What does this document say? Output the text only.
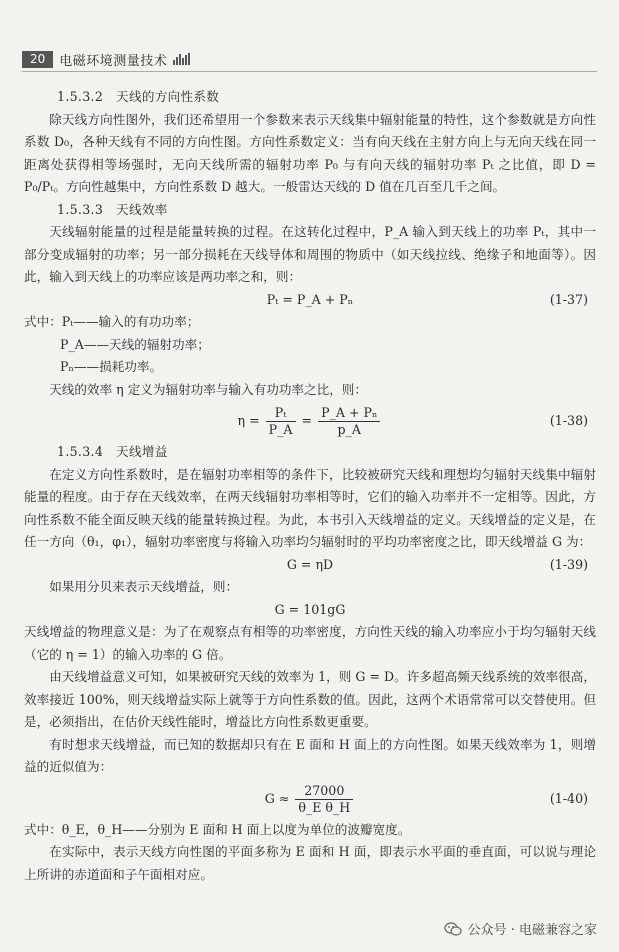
20	电磁环境测量技术

1.5.3.2　天线的方向性系数

除天线方向性图外，我们还希望用一个参数来表示天线集中辐射能量的特性，这个参数就是方向性系数 D₀，各种天线有不同的方向性图。方向性系数定义：当有向天线在主射方向上与无向天线在同一距离处获得相等场强时，无向天线所需的辐射功率 P₀ 与有向天线的辐射功率 Pₜ 之比值，即 D = P₀/Pₜ。方向性越集中，方向性系数 D 越大。一般雷达天线的 D 值在几百至几千之间。

1.5.3.3　天线效率

天线辐射能量的过程是能量转换的过程。在这转化过程中，P_A 输入到天线上的功率 Pₜ，其中一部分变成辐射的功率；另一部分损耗在天线导体和周围的物质中（如天线拉线、绝缘子和地面等）。因此，输入到天线上的功率应该是两功率之和，则：

Pₜ = P_A + Pₙ	(1-37)

式中：Pₜ——输入的有功功率；

P_A——天线的辐射功率；

Pₙ——损耗功率。

天线的效率 η 定义为辐射功率与输入有功功率之比，则：

$\eta = \frac{\text{Pₜ}}{P\_A} = \frac{\text{P\_A + Pₙ}}{p\_A}$	(1-38)

1.5.3.4　天线增益

在定义方向性系数时，是在辐射功率相等的条件下，比较被研究天线和理想均匀辐射天线集中辐射能量的程度。由于存在天线效率，在两天线辐射功率相等时，它们的输入功率并不一定相等。因此，方向性系数不能全面反映天线的能量转换过程。为此，本书引入天线增益的定义。天线增益的定义是，在任一方向（θ₁，φ₁），辐射功率密度与将输入功率均匀辐射时的平均功率密度之比，即天线增益 G 为：

G = ηD	(1-39)

如果用分贝来表示天线增益，则：

G = 101gG

天线增益的物理意义是：为了在观察点有相等的功率密度，方向性天线的输入功率应小于均匀辐射天线（它的 η = 1）的输入功率的 G 倍。

由天线增益意义可知，如果被研究天线的效率为 1，则 G = D。许多超高频天线系统的效率很高，效率接近 100%，则天线增益实际上就等于方向性系数的值。因此，这两个术语常常可以交替使用。但是，必须指出，在估价天线性能时，增益比方向性系数更重要。

有时想求天线增益，而已知的数据却只有在 E 面和 H 面上的方向性图。如果天线效率为 1，则增益的近似值为：

$G \approx \frac{27000}{\text{θ\_E θ\_H}}$	(1-40)

式中：θ_E，θ_H——分别为 E 面和 H 面上以度为单位的波瓣宽度。

在实际中，表示天线方向性图的平面多称为 E 面和 H 面，即表示水平面的垂直面，可以说与理论上所讲的赤道面和子午面相对应。

公众号 · 电磁兼容之家
